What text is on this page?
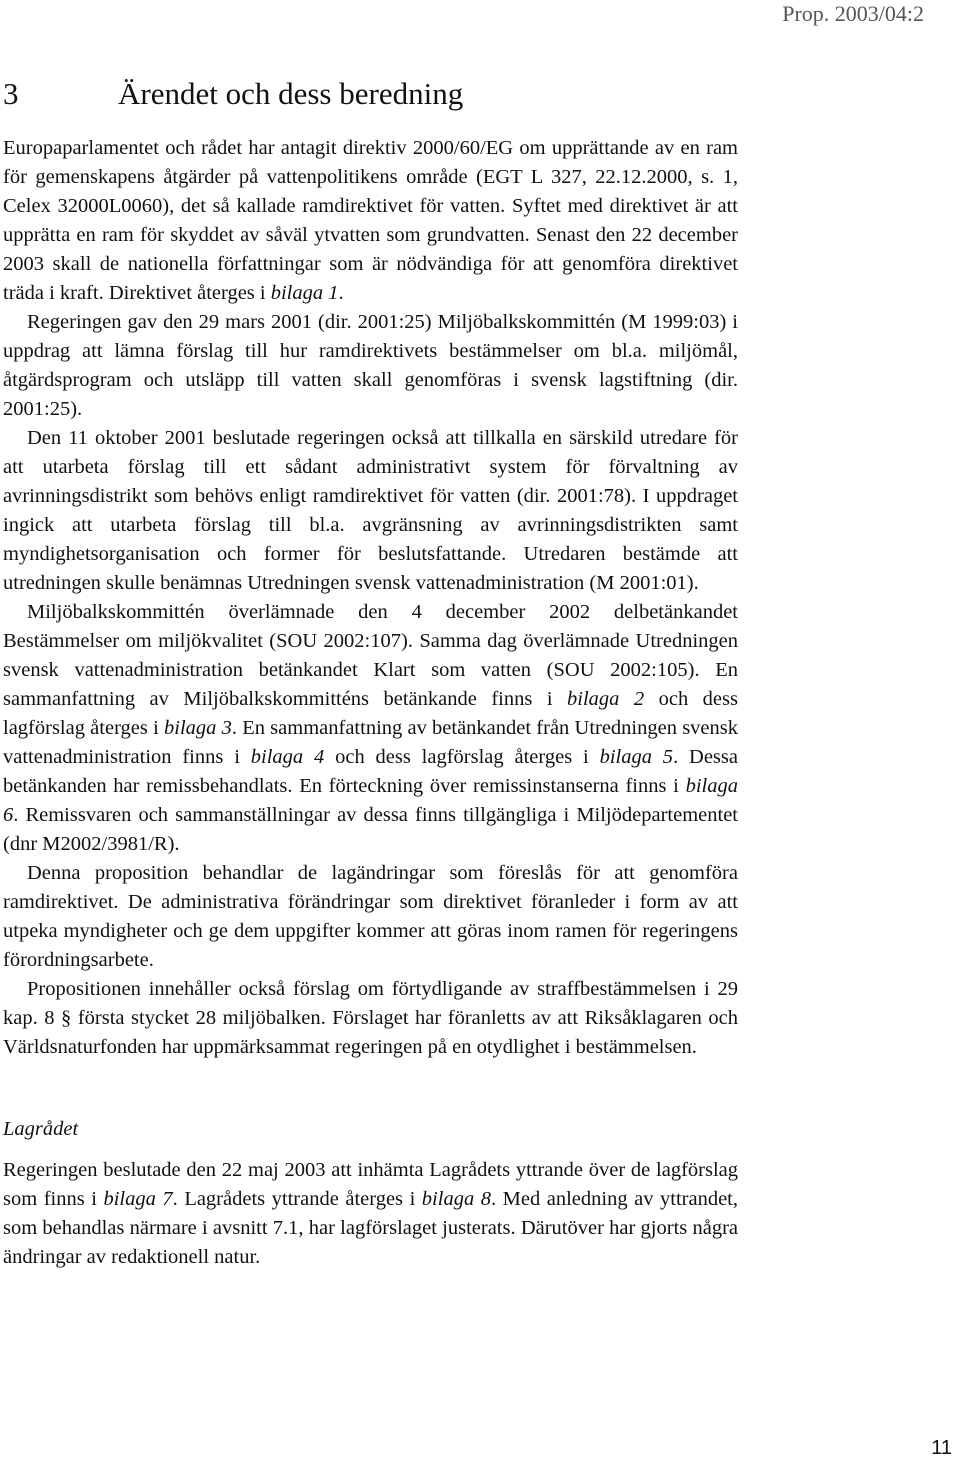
Prop. 2003/04:2
3	Ärendet och dess beredning

Europaparlamentet och rådet har antagit direktiv 2000/60/EG om upprättande av en ram för gemenskapens åtgärder på vattenpolitikens område (EGT L 327, 22.12.2000, s. 1, Celex 32000L0060), det så kallade ramdirektivet för vatten. Syftet med direktivet är att upprätta en ram för skyddet av såväl ytvatten som grundvatten. Senast den 22 december 2003 skall de nationella författningar som är nödvändiga för att genomföra direktivet träda i kraft. Direktivet återges i bilaga 1.

Regeringen gav den 29 mars 2001 (dir. 2001:25) Miljöbalkskommittén (M 1999:03) i uppdrag att lämna förslag till hur ramdirektivets bestämmelser om bl.a. miljömål, åtgärdsprogram och utsläpp till vatten skall genomföras i svensk lagstiftning (dir. 2001:25).

Den 11 oktober 2001 beslutade regeringen också att tillkalla en särskild utredare för att utarbeta förslag till ett sådant administrativt system för förvaltning av avrinningsdistrikt som behövs enligt ramdirektivet för vatten (dir. 2001:78). I uppdraget ingick att utarbeta förslag till bl.a. avgränsning av avrinningsdistrikten samt myndighetsorganisation och former för beslutsfattande. Utredaren bestämde att utredningen skulle benämnas Utredningen svensk vattenadministration (M 2001:01).

Miljöbalkskommittén överlämnade den 4 december 2002 delbetänkandet Bestämmelser om miljökvalitet (SOU 2002:107). Samma dag överlämnade Utredningen svensk vattenadministration betänkandet Klart som vatten (SOU 2002:105). En sammanfattning av Miljöbalkskommitténs betänkande finns i bilaga 2 och dess lagförslag återges i bilaga 3. En sammanfattning av betänkandet från Utredningen svensk vattenadministration finns i bilaga 4 och dess lagförslag återges i bilaga 5. Dessa betänkanden har remissbehandlats. En förteckning över remissinstanserna finns i bilaga 6. Remissvaren och sammanställningar av dessa finns tillgängliga i Miljödepartementet (dnr M2002/3981/R).

Denna proposition behandlar de lagändringar som föreslås för att genomföra ramdirektivet. De administrativa förändringar som direktivet föranleder i form av att utpeka myndigheter och ge dem uppgifter kommer att göras inom ramen för regeringens förordningsarbete.

Propositionen innehåller också förslag om förtydligande av straffbestämmelsen i 29 kap. 8 § första stycket 28 miljöbalken. Förslaget har föranletts av att Riksåklagaren och Världsnaturfonden har uppmärksammat regeringen på en otydlighet i bestämmelsen.

Lagrådet

Regeringen beslutade den 22 maj 2003 att inhämta Lagrådets yttrande över de lagförslag som finns i bilaga 7. Lagrådets yttrande återges i bilaga 8. Med anledning av yttrandet, som behandlas närmare i avsnitt 7.1, har lagförslaget justerats. Därutöver har gjorts några ändringar av redaktionell natur.

11
